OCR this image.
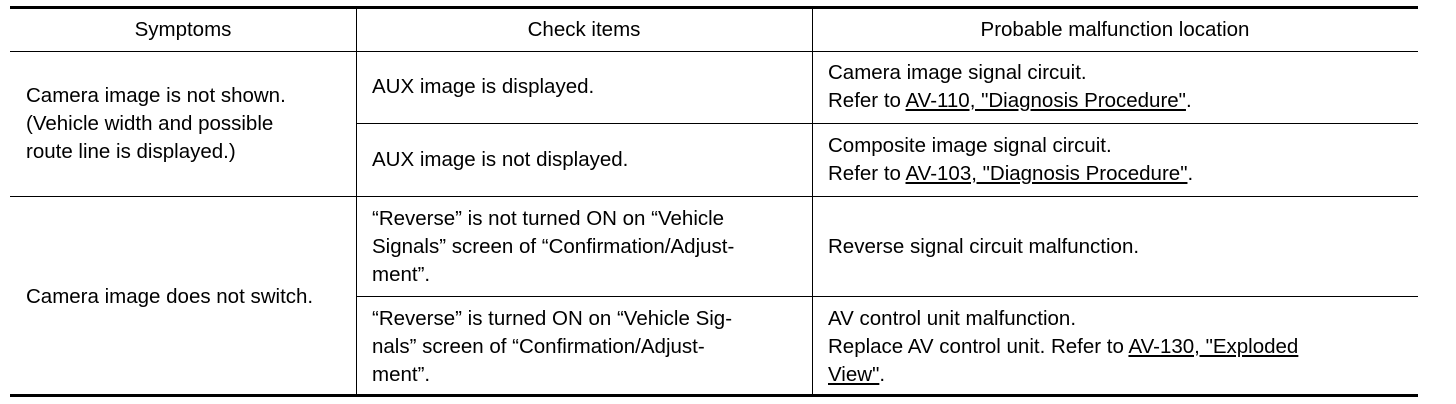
Symptoms	Check items	Probable malfunction location
Camera image is not shown.
(Vehicle width and possible
route line is displayed.)
AUX image is displayed.
Camera image signal circuit.
Refer to AV-110, "Diagnosis Procedure".
AUX image is not displayed.
Composite image signal circuit.
Refer to AV-103, "Diagnosis Procedure".
Camera image does not switch.
“Reverse” is not turned ON on “Vehicle
Signals” screen of “Confirmation/Adjust-
ment”.
Reverse signal circuit malfunction.
“Reverse” is turned ON on “Vehicle Sig-
nals” screen of “Confirmation/Adjust-
ment”.
AV control unit malfunction.
Replace AV control unit. Refer to AV-130, "Exploded
View".
